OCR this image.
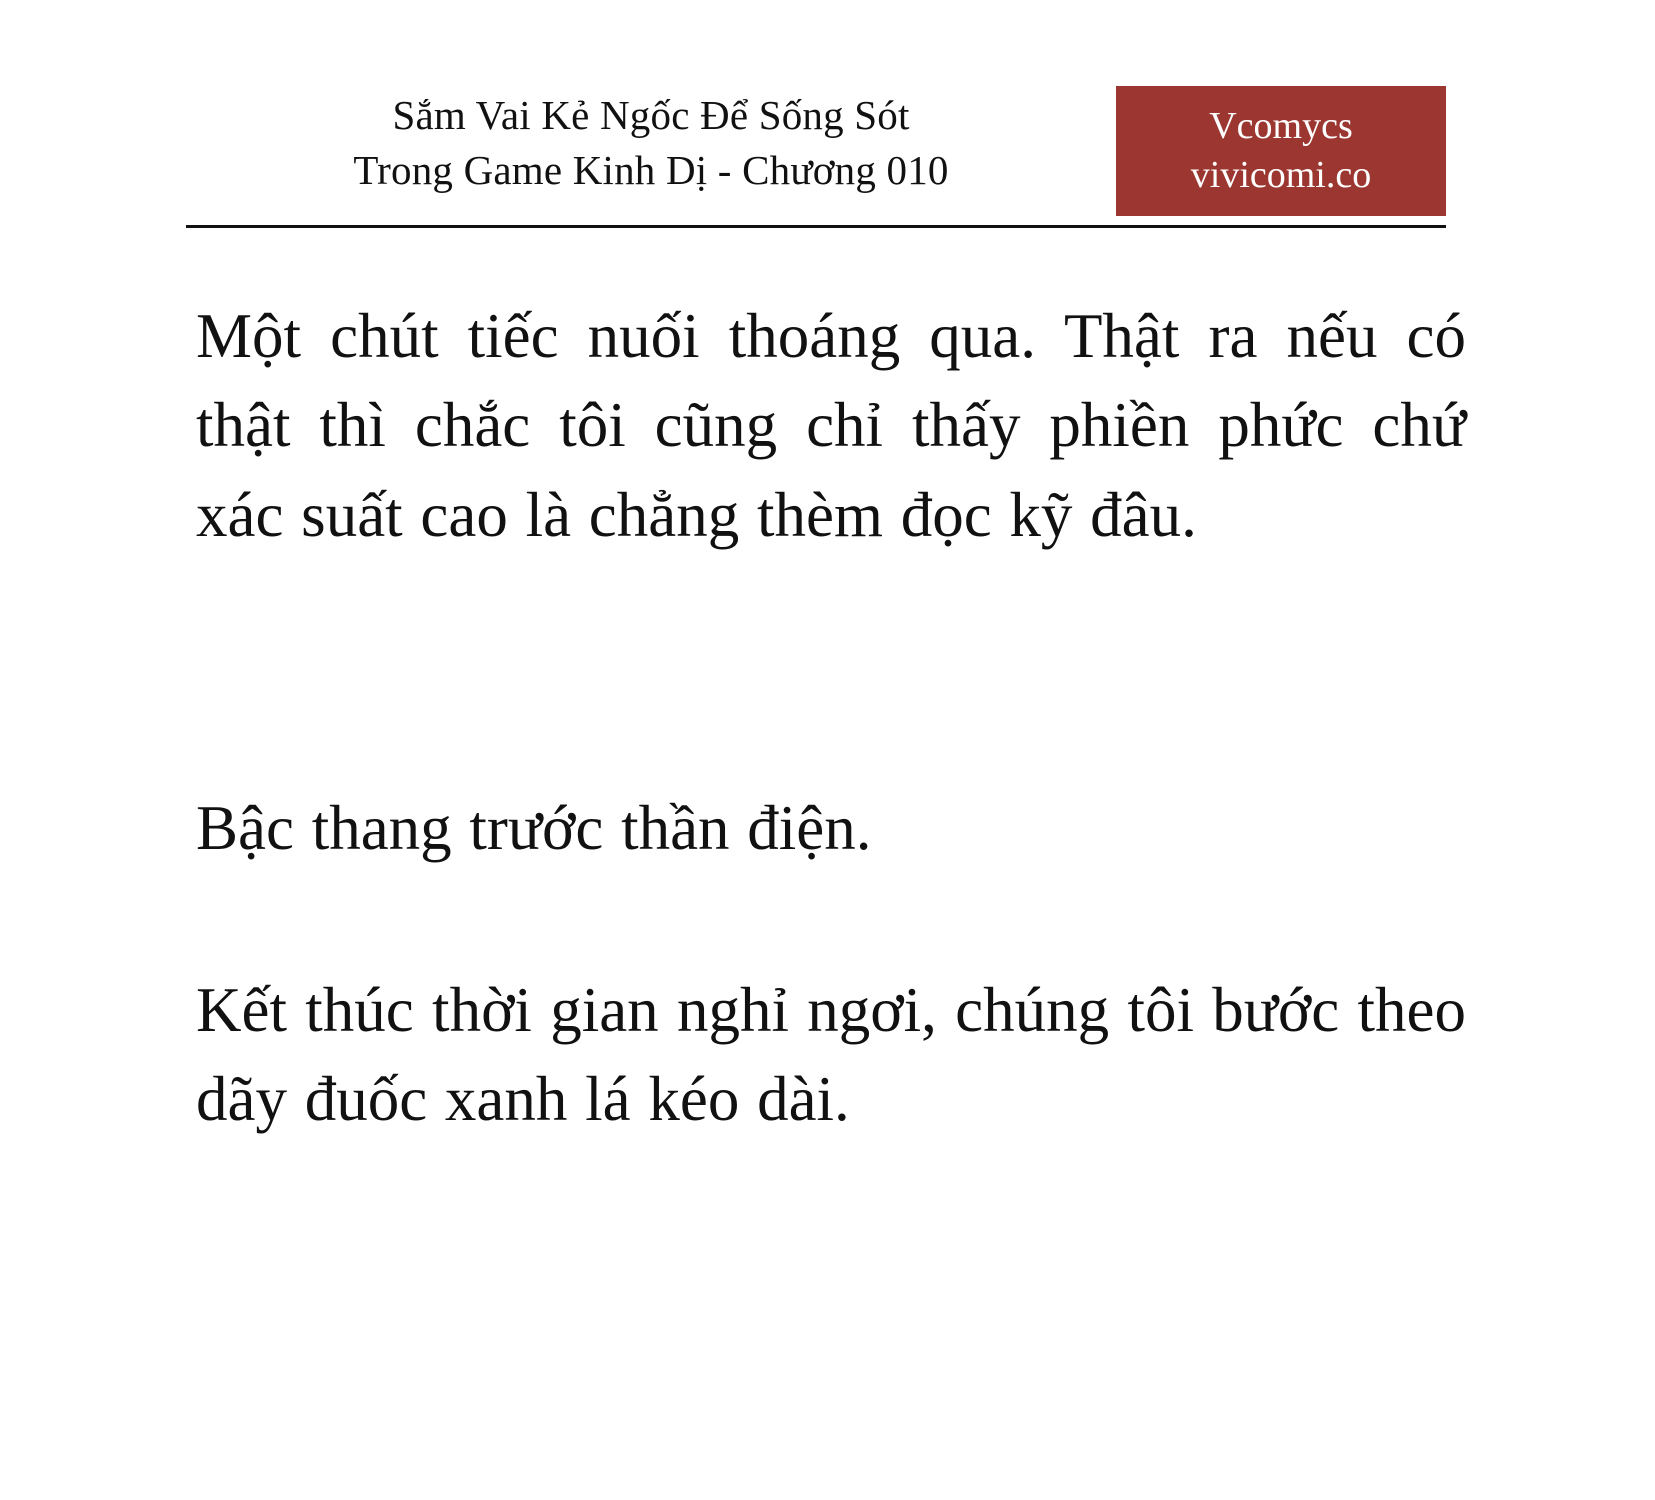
Sắm Vai Kẻ Ngốc Để Sống Sót
Trong Game Kinh Dị - Chương 010
Vcomycs
vivicomi.co

Một chút tiếc nuối thoáng qua. Thật ra nếu có thật thì chắc tôi cũng chỉ thấy phiền phức chứ xác suất cao là chẳng thèm đọc kỹ đâu.

Bậc thang trước thần điện.

Kết thúc thời gian nghỉ ngơi, chúng tôi bước theo dãy đuốc xanh lá kéo dài.
